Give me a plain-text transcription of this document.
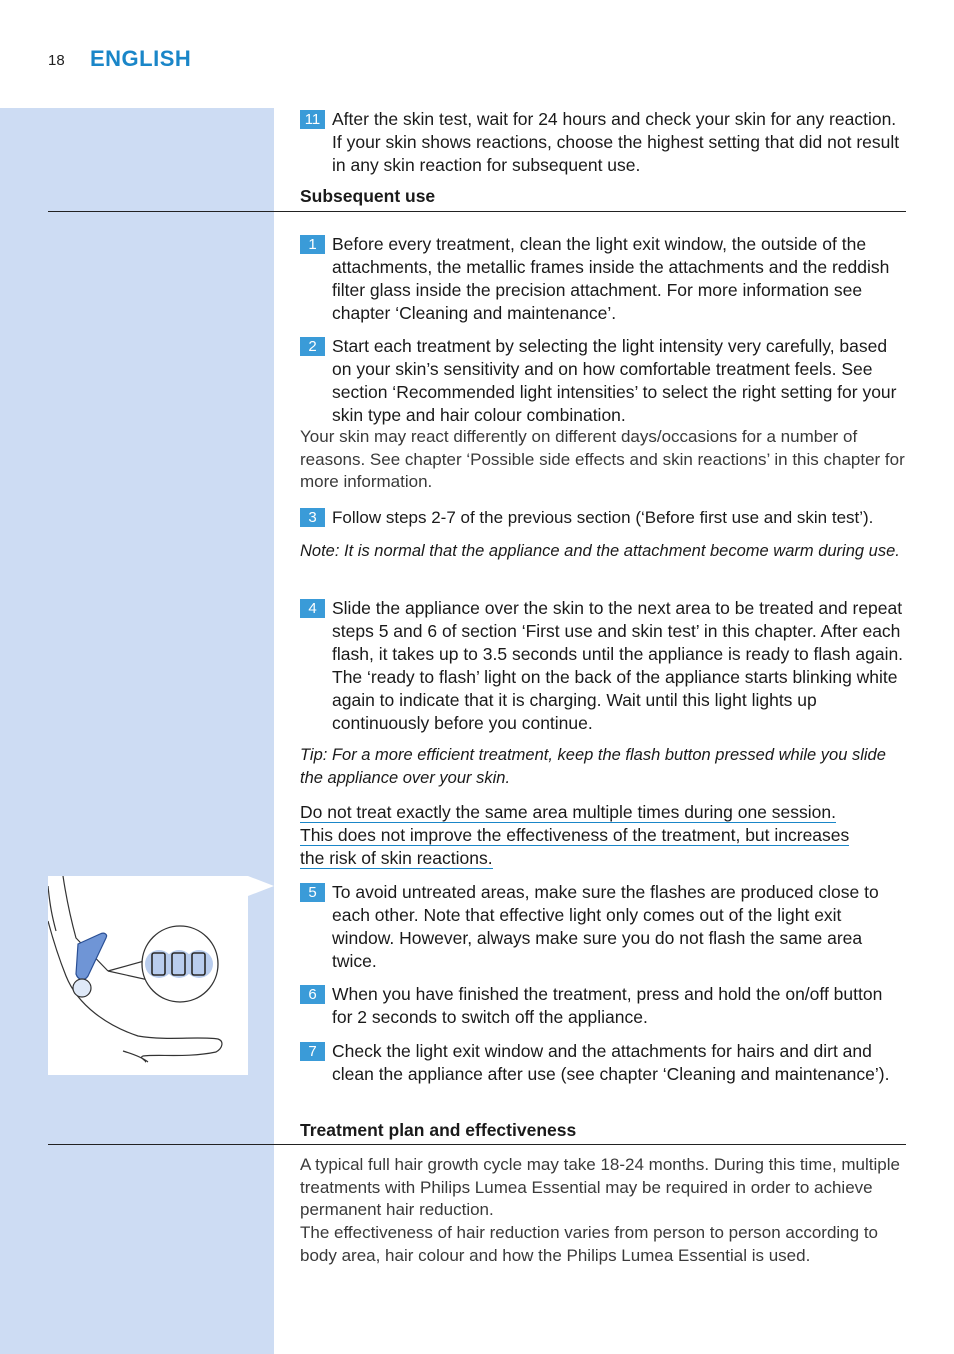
18 ENGLISH
11 After the skin test, wait for 24 hours and check your skin for any reaction. If your skin shows reactions, choose the highest setting that did not result in any skin reaction for subsequent use.
Subsequent use
1 Before every treatment, clean the light exit window, the outside of the attachments, the metallic frames inside the attachments and the reddish filter glass inside the precision attachment. For more information see chapter ‘Cleaning and maintenance’.
2 Start each treatment by selecting the light intensity very carefully, based on your skin’s sensitivity and on how comfortable treatment feels. See section ‘Recommended light intensities’ to select the right setting for your skin type and hair colour combination.
Your skin may react differently on different days/occasions for a number of reasons. See chapter ‘Possible side effects and skin reactions’ in this chapter for more information.
3 Follow steps 2-7 of the previous section (‘Before first use and skin test’).
Note: It is normal that the appliance and the attachment become warm during use.
4 Slide the appliance over the skin to the next area to be treated and repeat steps 5 and 6 of section ‘First use and skin test’ in this chapter. After each flash, it takes up to 3.5 seconds until the appliance is ready to flash again. The ‘ready to flash’ light on the back of the appliance starts blinking white again to indicate that it is charging. Wait until this light lights up continuously before you continue.
Tip: For a more efficient treatment, keep the flash button pressed while you slide the appliance over your skin.
Do not treat exactly the same area multiple times during one session.
This does not improve the effectiveness of the treatment, but increases
the risk of skin reactions.
5 To avoid untreated areas, make sure the flashes are produced close to each other. Note that effective light only comes out of the light exit window. However, always make sure you do not flash the same area twice.
6 When you have finished the treatment, press and hold the on/off button for 2 seconds to switch off the appliance.
7 Check the light exit window and the attachments for hairs and dirt and clean the appliance after use (see chapter ‘Cleaning and maintenance’).
Treatment plan and effectiveness
A typical full hair growth cycle may take 18-24 months. During this time, multiple treatments with Philips Lumea Essential may be required in order to achieve permanent hair reduction.
The effectiveness of hair reduction varies from person to person according to body area, hair colour and how the Philips Lumea Essential is used.
